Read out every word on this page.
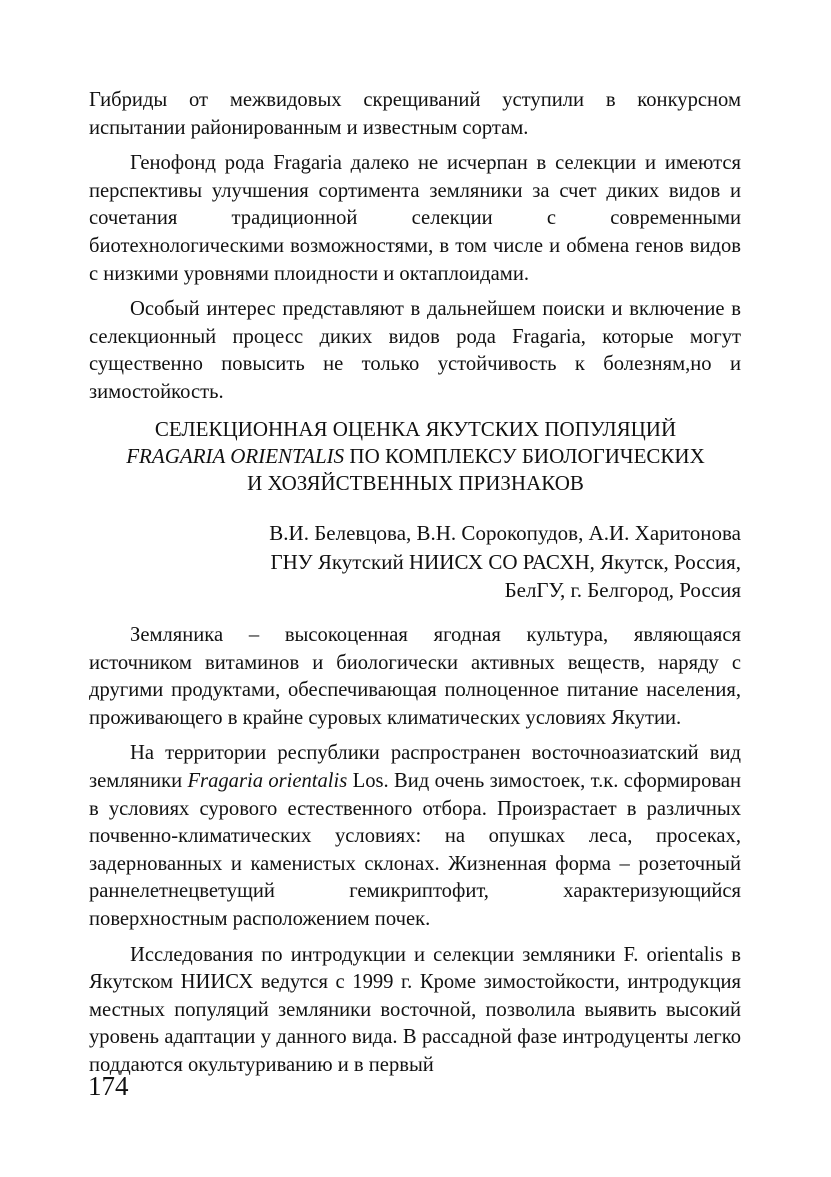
Гибриды от межвидовых скрещиваний уступили в конкурсном испытании районированным и известным сортам.

Генофонд рода Fragaria далеко не исчерпан в селекции и имеются перспективы улучшения сортимента земляники за счет диких видов и сочетания традиционной селекции с современными биотехнологическими возможностями, в том числе и обмена генов видов с низкими уровнями плоидности и октаплоидами.

Особый интерес представляют в дальнейшем поиски и включение в селекционный процесс диких видов рода Fragaria, которые могут существенно повысить не только устойчивость к болезням,но и зимостойкость.

СЕЛЕКЦИОННАЯ ОЦЕНКА ЯКУТСКИХ ПОПУЛЯЦИЙ
FRAGARIA ORIENTALIS ПО КОМПЛЕКСУ БИОЛОГИЧЕСКИХ
И ХОЗЯЙСТВЕННЫХ ПРИЗНАКОВ
В.И. Белевцова, В.Н. Сорокопудов, А.И. Харитонова
ГНУ Якутский НИИСХ СО РАСХН, Якутск, Россия,
БелГУ, г. Белгород, Россия

Земляника – высокоценная ягодная культура, являющаяся источником витаминов и биологически активных веществ, наряду с другими продуктами, обеспечивающая полноценное питание населения, проживающего в крайне суровых климатических условиях Якутии.

На территории республики распространен восточноазиатский вид земляники Fragaria orientalis Los. Вид очень зимостоек, т.к. сформирован в условиях сурового естественного отбора. Произрастает в различных почвенно-климатических условиях: на опушках леса, просеках, задернованных и каменистых склонах. Жизненная форма – розеточный раннелетнецветущий гемикриптофит, характеризующийся поверхностным расположением почек.

Исследования по интродукции и селекции земляники F. orientalis в Якутском НИИСХ ведутся с 1999 г. Кроме зимостойкости, интродукция местных популяций земляники восточной, позволила выявить высокий уровень адаптации у данного вида. В рассадной фазе интродуценты легко поддаются окультуриванию и в первый

174
